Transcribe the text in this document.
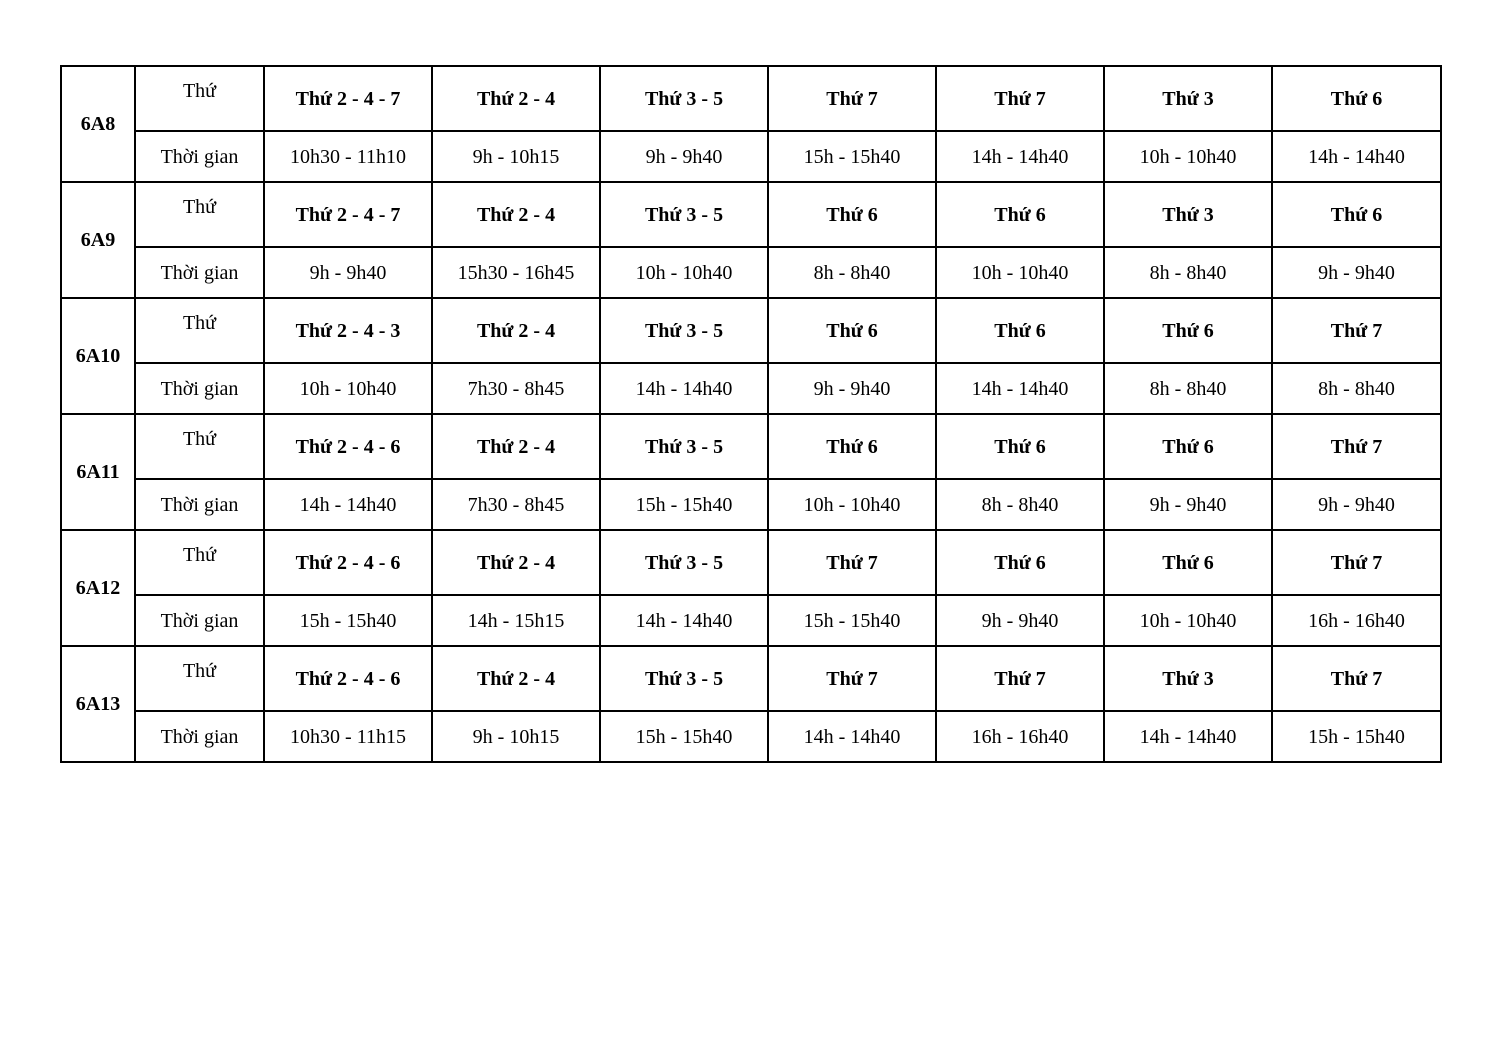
6A8	Thứ	Thứ 2 - 4 - 7	Thứ 2 - 4	Thứ 3 - 5	Thứ 7	Thứ 7	Thứ 3	Thứ 6
	Thời gian	10h30 - 11h10	9h - 10h15	9h - 9h40	15h - 15h40	14h - 14h40	10h - 10h40	14h - 14h40
6A9	Thứ	Thứ 2 - 4 - 7	Thứ 2 - 4	Thứ 3 - 5	Thứ 6	Thứ 6	Thứ 3	Thứ 6
	Thời gian	9h - 9h40	15h30 - 16h45	10h - 10h40	8h - 8h40	10h - 10h40	8h - 8h40	9h - 9h40
6A10	Thứ	Thứ 2 - 4 - 3	Thứ 2 - 4	Thứ 3 - 5	Thứ 6	Thứ 6	Thứ 6	Thứ 7
	Thời gian	10h - 10h40	7h30 - 8h45	14h - 14h40	9h - 9h40	14h - 14h40	8h - 8h40	8h - 8h40
6A11	Thứ	Thứ 2 - 4 - 6	Thứ 2 - 4	Thứ 3 - 5	Thứ 6	Thứ 6	Thứ 6	Thứ 7
	Thời gian	14h - 14h40	7h30 - 8h45	15h - 15h40	10h - 10h40	8h - 8h40	9h - 9h40	9h - 9h40
6A12	Thứ	Thứ 2 - 4 - 6	Thứ 2 - 4	Thứ 3 - 5	Thứ 7	Thứ 6	Thứ 6	Thứ 7
	Thời gian	15h - 15h40	14h - 15h15	14h - 14h40	15h - 15h40	9h - 9h40	10h - 10h40	16h - 16h40
6A13	Thứ	Thứ 2 - 4 - 6	Thứ 2 - 4	Thứ 3 - 5	Thứ 7	Thứ 7	Thứ 3	Thứ 7
	Thời gian	10h30 - 11h15	9h - 10h15	15h - 15h40	14h - 14h40	16h - 16h40	14h - 14h40	15h - 15h40
